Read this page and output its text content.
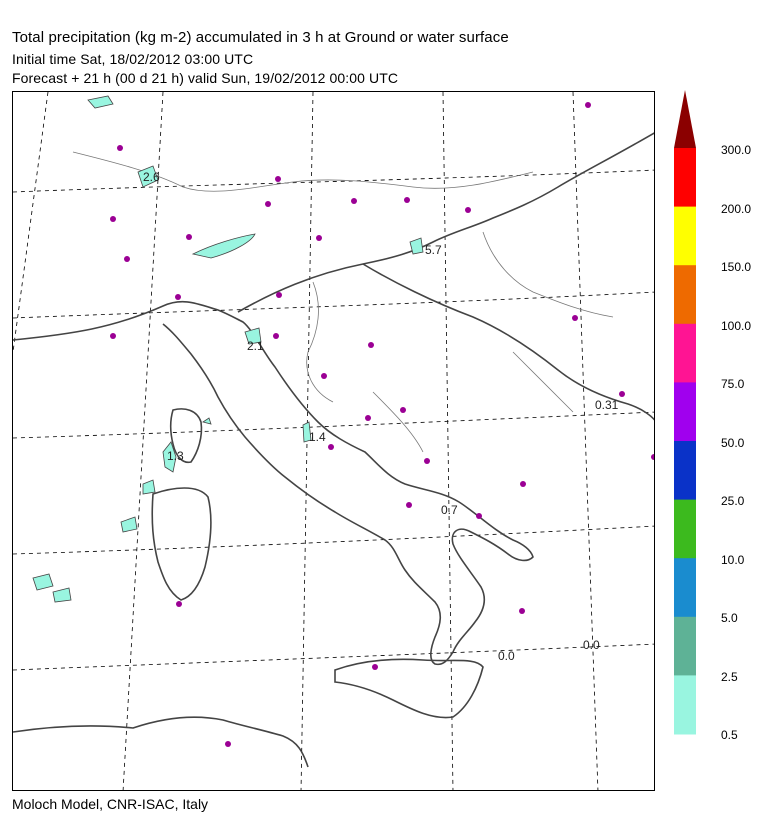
Total precipitation (kg m-2) accumulated in 3 h at Ground or water surface
Initial time Sat, 18/02/2012 03:00 UTC
Forecast + 21 h (00 d 21 h) valid Sun, 19/02/2012 00:00 UTC
2.6
5.7
2.1
1.3
1.4
0.31
0.7
0.0
0.0
300.0
200.0
150.0
100.0
75.0
50.0
25.0
10.0
5.0
2.5
0.5
Moloch Model, CNR-ISAC, Italy
